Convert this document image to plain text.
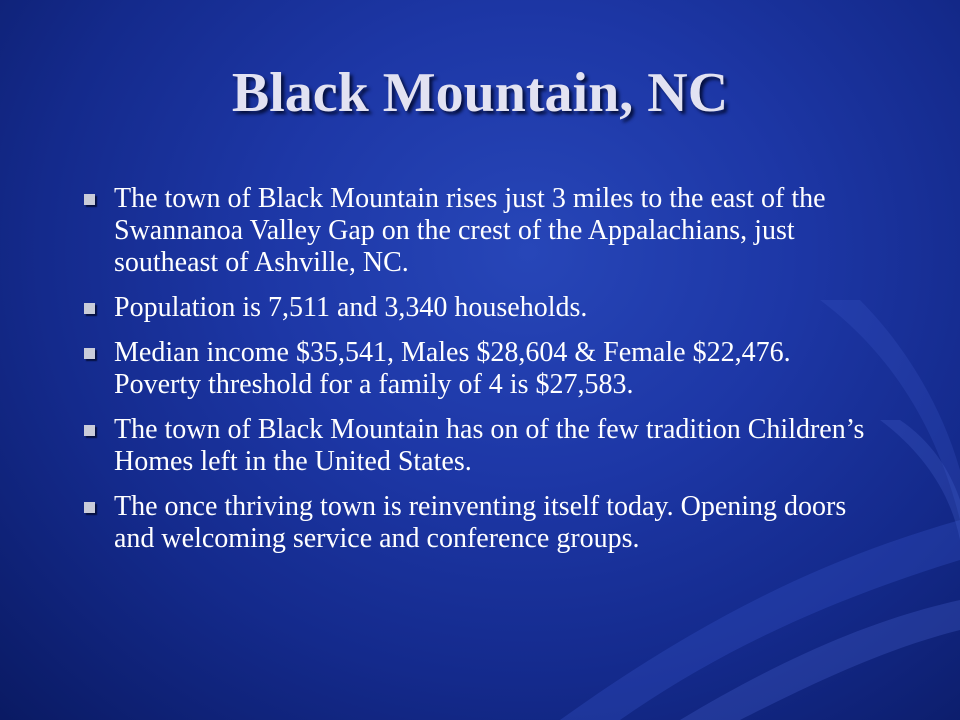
Black Mountain, NC
The town of Black Mountain rises just 3 miles to the east of the Swannanoa Valley Gap on the crest of the Appalachians, just southeast of Ashville, NC.
Population is 7,511 and 3,340 households.
Median income $35,541, Males $28,604 & Female $22,476. Poverty threshold for a family of 4 is $27,583.
The town of Black Mountain has on of the few tradition Children’s Homes left in the United States.
The once thriving town is reinventing itself today. Opening doors and welcoming service and conference groups.
